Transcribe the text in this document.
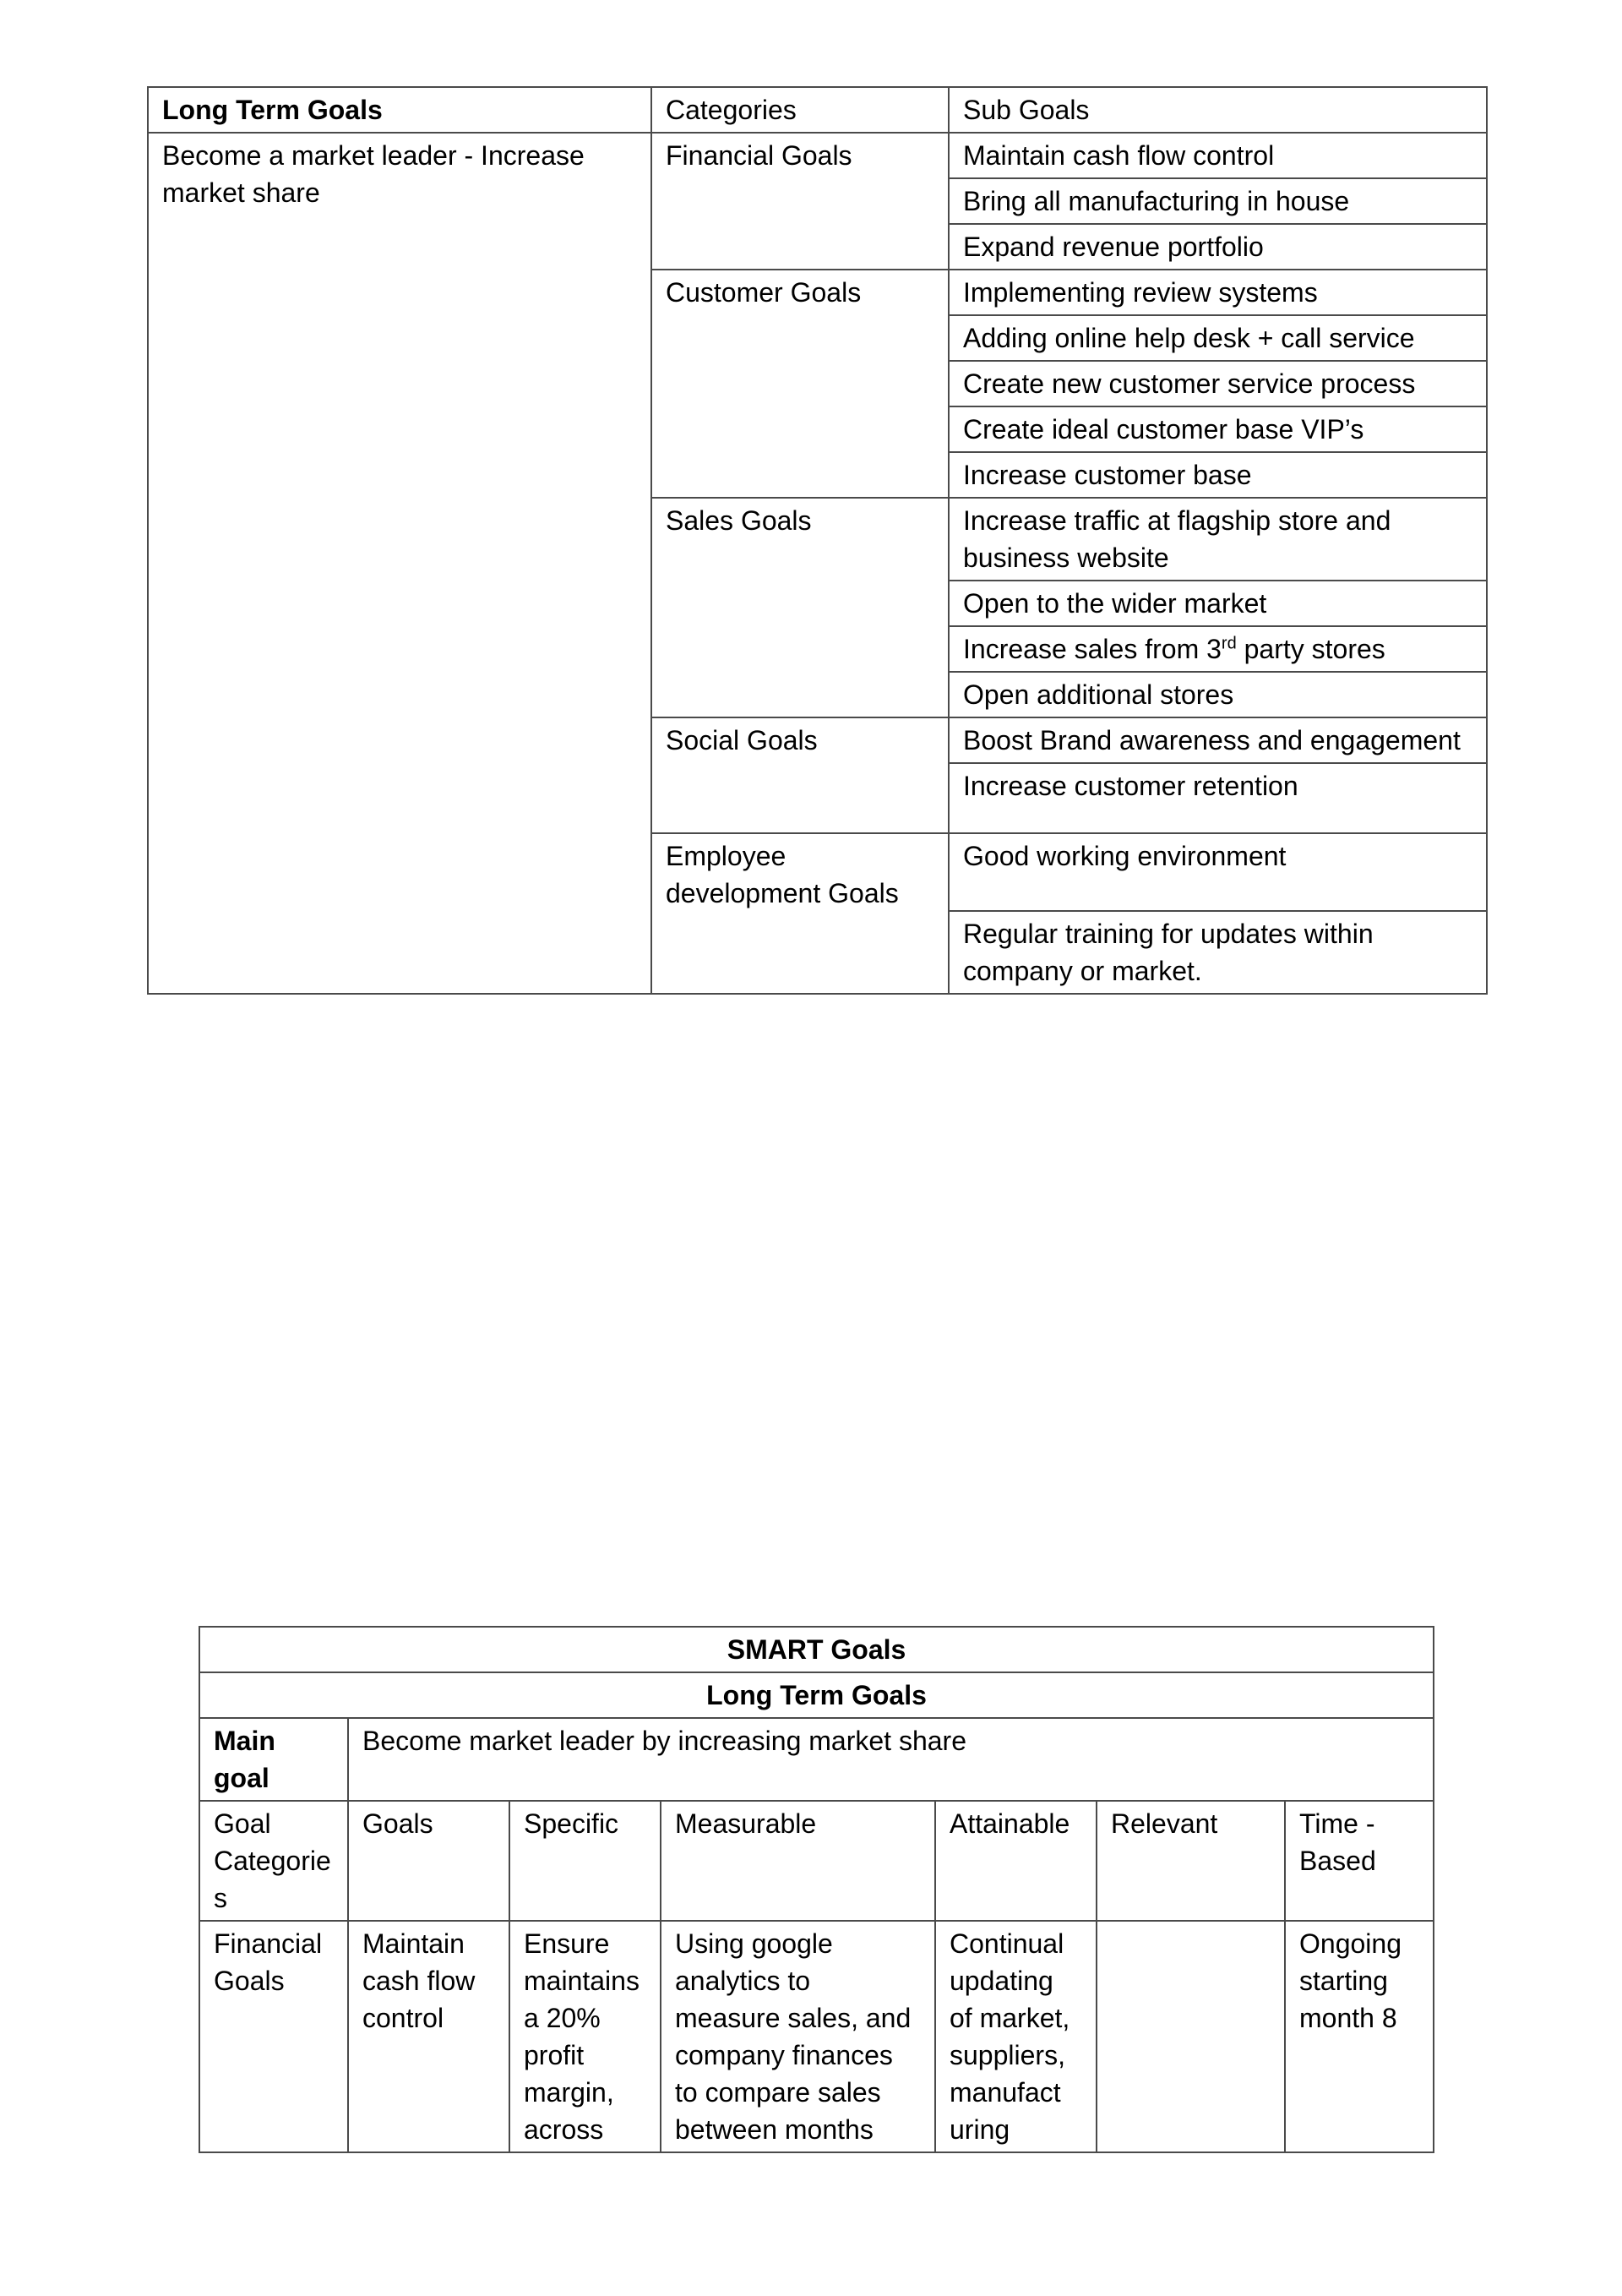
Long Term Goals	Categories	Sub Goals
Become a market leader - Increase market share	Financial Goals	Maintain cash flow control
		Bring all manufacturing in house
		Expand revenue portfolio
	Customer Goals	Implementing review systems
		Adding online help desk + call service
		Create new customer service process
		Create ideal customer base VIP’s
		Increase customer base
	Sales Goals	Increase traffic at flagship store and business website
		Open to the wider market
		Increase sales from 3rd party stores
		Open additional stores
	Social Goals	Boost Brand awareness and engagement
		Increase customer retention
	Employee development Goals	Good working environment
		Regular training for updates within company or market.
SMART Goals						
Long Term Goals						
Main goal	Become market leader by increasing market share					
Goal Categorie s	Goals	Specific	Measurable	Attainable	Relevant	Time - Based
Financial Goals	Maintain cash flow control	Ensure maintains a 20% profit margin, across	Using google analytics to measure sales, and company finances to compare sales between months	Continual updating of market, suppliers, manufact uring		Ongoing starting month 8
